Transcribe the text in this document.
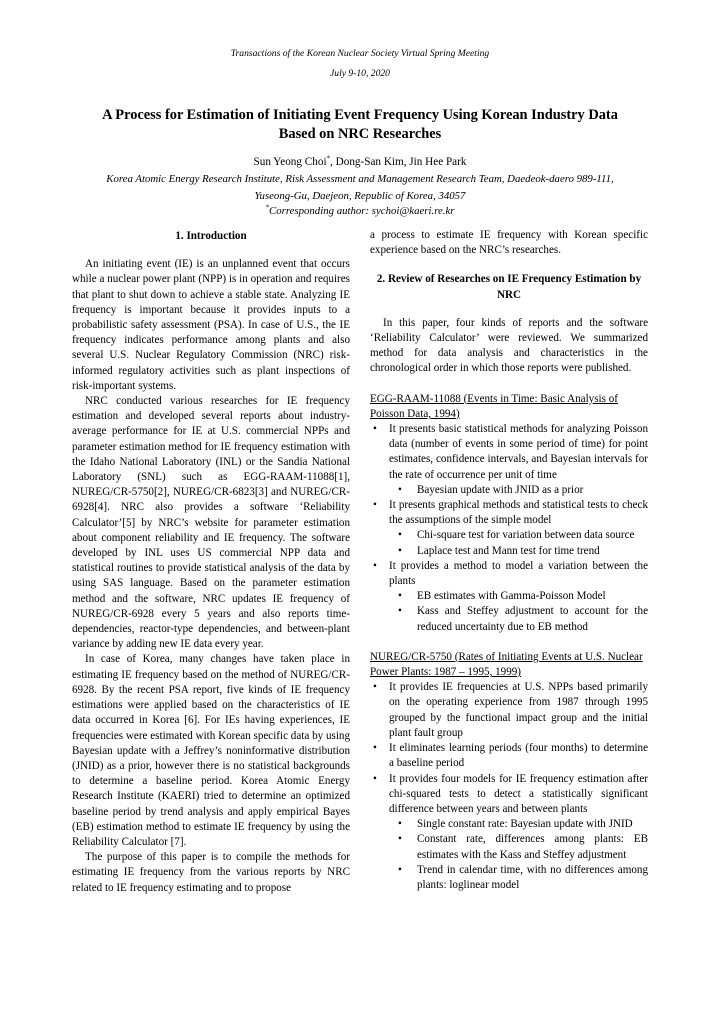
Transactions of the Korean Nuclear Society Virtual Spring Meeting
July 9-10, 2020
A Process for Estimation of Initiating Event Frequency Using Korean Industry Data
Based on NRC Researches
Sun Yeong Choi*, Dong-San Kim, Jin Hee Park
Korea Atomic Energy Research Institute, Risk Assessment and Management Research Team, Daedeok-daero 989-111,
Yuseong-Gu, Daejeon, Republic of Korea, 34057
*Corresponding author: sychoi@kaeri.re.kr
1. Introduction

An initiating event (IE) is an unplanned event that occurs while a nuclear power plant (NPP) is in operation and requires that plant to shut down to achieve a stable state. Analyzing IE frequency is important because it provides inputs to a probabilistic safety assessment (PSA). In case of U.S., the IE frequency indicates performance among plants and also several U.S. Nuclear Regulatory Commission (NRC) risk-informed regulatory activities such as plant inspections of risk-important systems.

NRC conducted various researches for IE frequency estimation and developed several reports about industry-average performance for IE at U.S. commercial NPPs and parameter estimation method for IE frequency estimation with the Idaho National Laboratory (INL) or the Sandia National Laboratory (SNL) such as EGG-RAAM-11088[1], NUREG/CR-5750[2], NUREG/CR-6823[3] and NUREG/CR-6928[4]. NRC also provides a software ‘Reliability Calculator’[5] by NRC’s website for parameter estimation about component reliability and IE frequency. The software developed by INL uses US commercial NPP data and statistical routines to provide statistical analysis of the data by using SAS language. Based on the parameter estimation method and the software, NRC updates IE frequency of NUREG/CR-6928 every 5 years and also reports time-dependencies, reactor-type dependencies, and between-plant variance by adding new IE data every year.

In case of Korea, many changes have taken place in estimating IE frequency based on the method of NUREG/CR-6928. By the recent PSA report, five kinds of IE frequency estimations were applied based on the characteristics of IE data occurred in Korea [6]. For IEs having experiences, IE frequencies were estimated with Korean specific data by using Bayesian update with a Jeffrey’s noninformative distribution (JNID) as a prior, however there is no statistical backgrounds to determine a baseline period. Korea Atomic Energy Research Institute (KAERI) tried to determine an optimized baseline period by trend analysis and apply empirical Bayes (EB) estimation method to estimate IE frequency by using the Reliability Calculator [7].

The purpose of this paper is to compile the methods for estimating IE frequency from the various reports by NRC related to IE frequency estimating and to propose

a process to estimate IE frequency with Korean specific experience based on the NRC’s researches.

2. Review of Researches on IE Frequency Estimation by NRC

In this paper, four kinds of reports and the software ‘Reliability Calculator’ were reviewed. We summarized method for data analysis and characteristics in the chronological order in which those reports were published.

EGG-RAAM-11088 (Events in Time: Basic Analysis of Poisson Data, 1994)
• It presents basic statistical methods for analyzing Poisson data (number of events in some period of time) for point estimates, confidence intervals, and Bayesian intervals for the rate of occurrence per unit of time
• Bayesian update with JNID as a prior
• It presents graphical methods and statistical tests to check the assumptions of the simple model
• Chi-square test for variation between data source
• Laplace test and Mann test for time trend
• It provides a method to model a variation between the plants
• EB estimates with Gamma-Poisson Model
• Kass and Steffey adjustment to account for the reduced uncertainty due to EB method
NUREG/CR-5750 (Rates of Initiating Events at U.S. Nuclear Power Plants: 1987 – 1995, 1999)
• It provides IE frequencies at U.S. NPPs based primarily on the operating experience from 1987 through 1995 grouped by the functional impact group and the initial plant fault group
• It eliminates learning periods (four months) to determine a baseline period
• It provides four models for IE frequency estimation after chi-squared tests to detect a statistically significant difference between years and between plants
• Single constant rate: Bayesian update with JNID
• Constant rate, differences among plants: EB estimates with the Kass and Steffey adjustment
• Trend in calendar time, with no differences among plants: loglinear model
